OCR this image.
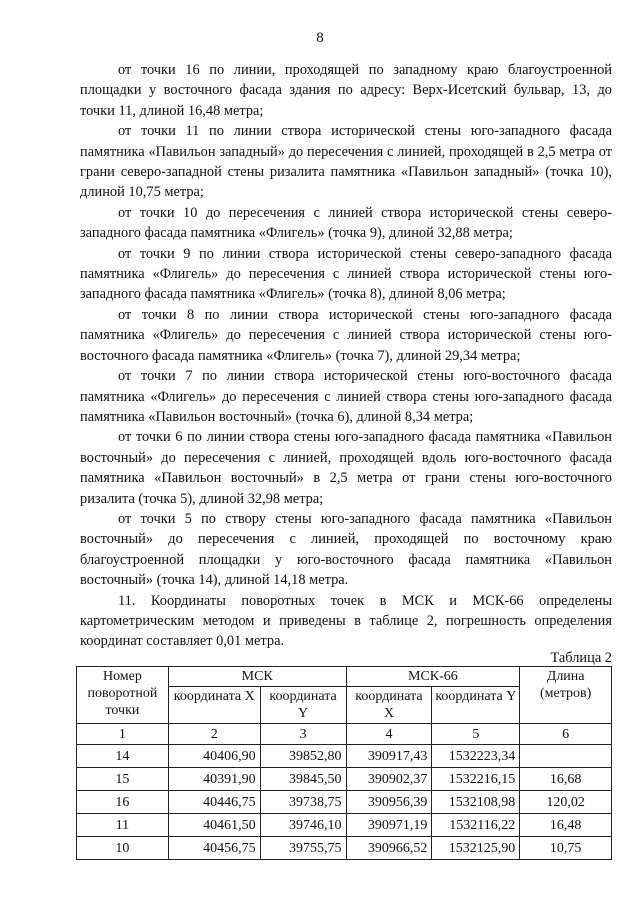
8

от точки 16 по линии, проходящей по западному краю благоустроенной площадки у восточного фасада здания по адресу: Верх-Исетский бульвар, 13, до точки 11, длиной 16,48 метра;

от точки 11 по линии створа исторической стены юго-западного фасада памятника «Павильон западный» до пересечения с линией, проходящей в 2,5 метра от грани северо-западной стены ризалита памятника «Павильон западный» (точка 10), длиной 10,75 метра;

от точки 10 до пересечения с линией створа исторической стены северо-западного фасада памятника «Флигель» (точка 9), длиной 32,88 метра;

от точки 9 по линии створа исторической стены северо-западного фасада памятника «Флигель» до пересечения с линией створа исторической стены юго-западного фасада памятника «Флигель» (точка 8), длиной 8,06 метра;

от точки 8 по линии створа исторической стены юго-западного фасада памятника «Флигель» до пересечения с линией створа исторической стены юго-восточного фасада памятника «Флигель» (точка 7), длиной 29,34 метра;

от точки 7 по линии створа исторической стены юго-восточного фасада памятника «Флигель» до пересечения с линией створа стены юго-западного фасада памятника «Павильон восточный» (точка 6), длиной 8,34 метра;

от точки 6 по линии створа стены юго-западного фасада памятника «Павильон восточный» до пересечения с линией, проходящей вдоль юго-восточного фасада памятника «Павильон восточный» в 2,5 метра от грани стены юго-восточного ризалита (точка 5), длиной 32,98 метра;

от точки 5 по створу стены юго-западного фасада памятника «Павильон восточный» до пересечения с линией, проходящей по восточному краю благоустроенной площадки у юго-восточного фасада памятника «Павильон восточный» (точка 14), длиной 14,18 метра.

11. Координаты поворотных точек в МСК и МСК-66 определены картометрическим методом и приведены в таблице 2, погрешность определения координат составляет 0,01 метра.

Таблица 2
Номер поворотной точки	МСК		МСК-66		Длина (метров)
	координата X	координата Y	координата X	координата Y	
1	2	3	4	5	6
14	40406,90	39852,80	390917,43	1532223,34	
15	40391,90	39845,50	390902,37	1532216,15	16,68
16	40446,75	39738,75	390956,39	1532108,98	120,02
11	40461,50	39746,10	390971,19	1532116,22	16,48
10	40456,75	39755,75	390966,52	1532125,90	10,75
